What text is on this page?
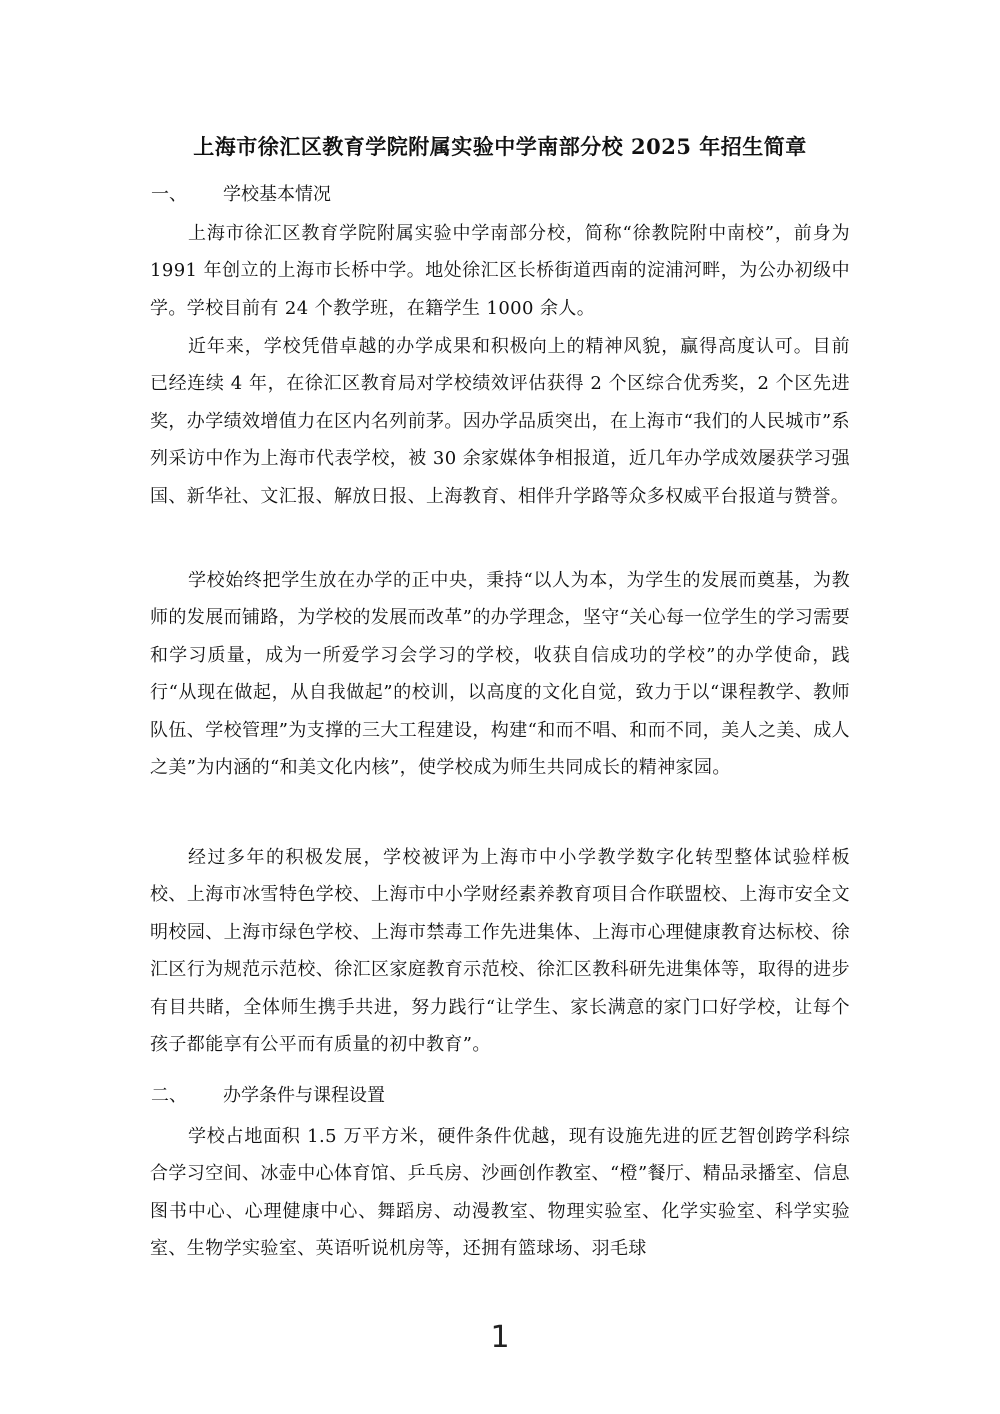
上海市徐汇区教育学院附属实验中学南部分校 2025 年招生简章
一、 学校基本情况

上海市徐汇区教育学院附属实验中学南部分校，简称“徐教院附中南校”，前身为 1991 年创立的上海市长桥中学。地处徐汇区长桥街道西南的淀浦河畔，为公办初级中学。学校目前有 24 个教学班，在籍学生 1000 余人。

近年来，学校凭借卓越的办学成果和积极向上的精神风貌，赢得高度认可。目前已经连续 4 年，在徐汇区教育局对学校绩效评估获得 2 个区综合优秀奖，2 个区先进奖，办学绩效增值力在区内名列前茅。因办学品质突出，在上海市“我们的人民城市”系列采访中作为上海市代表学校，被 30 余家媒体争相报道，近几年办学成效屡获学习强国、新华社、文汇报、解放日报、上海教育、相伴升学路等众多权威平台报道与赞誉。

学校始终把学生放在办学的正中央，秉持“以人为本，为学生的发展而奠基，为教师的发展而铺路，为学校的发展而改革”的办学理念，坚守“关心每一位学生的学习需要和学习质量，成为一所爱学习会学习的学校，收获自信成功的学校”的办学使命，践行“从现在做起，从自我做起”的校训，以高度的文化自觉，致力于以“课程教学、教师队伍、学校管理”为支撑的三大工程建设，构建“和而不唱、和而不同，美人之美、成人之美”为内涵的“和美文化内核”，使学校成为师生共同成长的精神家园。

经过多年的积极发展，学校被评为上海市中小学教学数字化转型整体试验样板校、上海市冰雪特色学校、上海市中小学财经素养教育项目合作联盟校、上海市安全文明校园、上海市绿色学校、上海市禁毒工作先进集体、上海市心理健康教育达标校、徐汇区行为规范示范校、徐汇区家庭教育示范校、徐汇区教科研先进集体等，取得的进步有目共睹，全体师生携手共进，努力践行“让学生、家长满意的家门口好学校，让每个孩子都能享有公平而有质量的初中教育”。

二、 办学条件与课程设置

学校占地面积 1.5 万平方米，硬件条件优越，现有设施先进的匠艺智创跨学科综合学习空间、冰壶中心体育馆、乒乓房、沙画创作教室、“橙”餐厅、精品录播室、信息图书中心、心理健康中心、舞蹈房、动漫教室、物理实验室、化学实验室、科学实验室、生物学实验室、英语听说机房等，还拥有篮球场、羽毛球

1
